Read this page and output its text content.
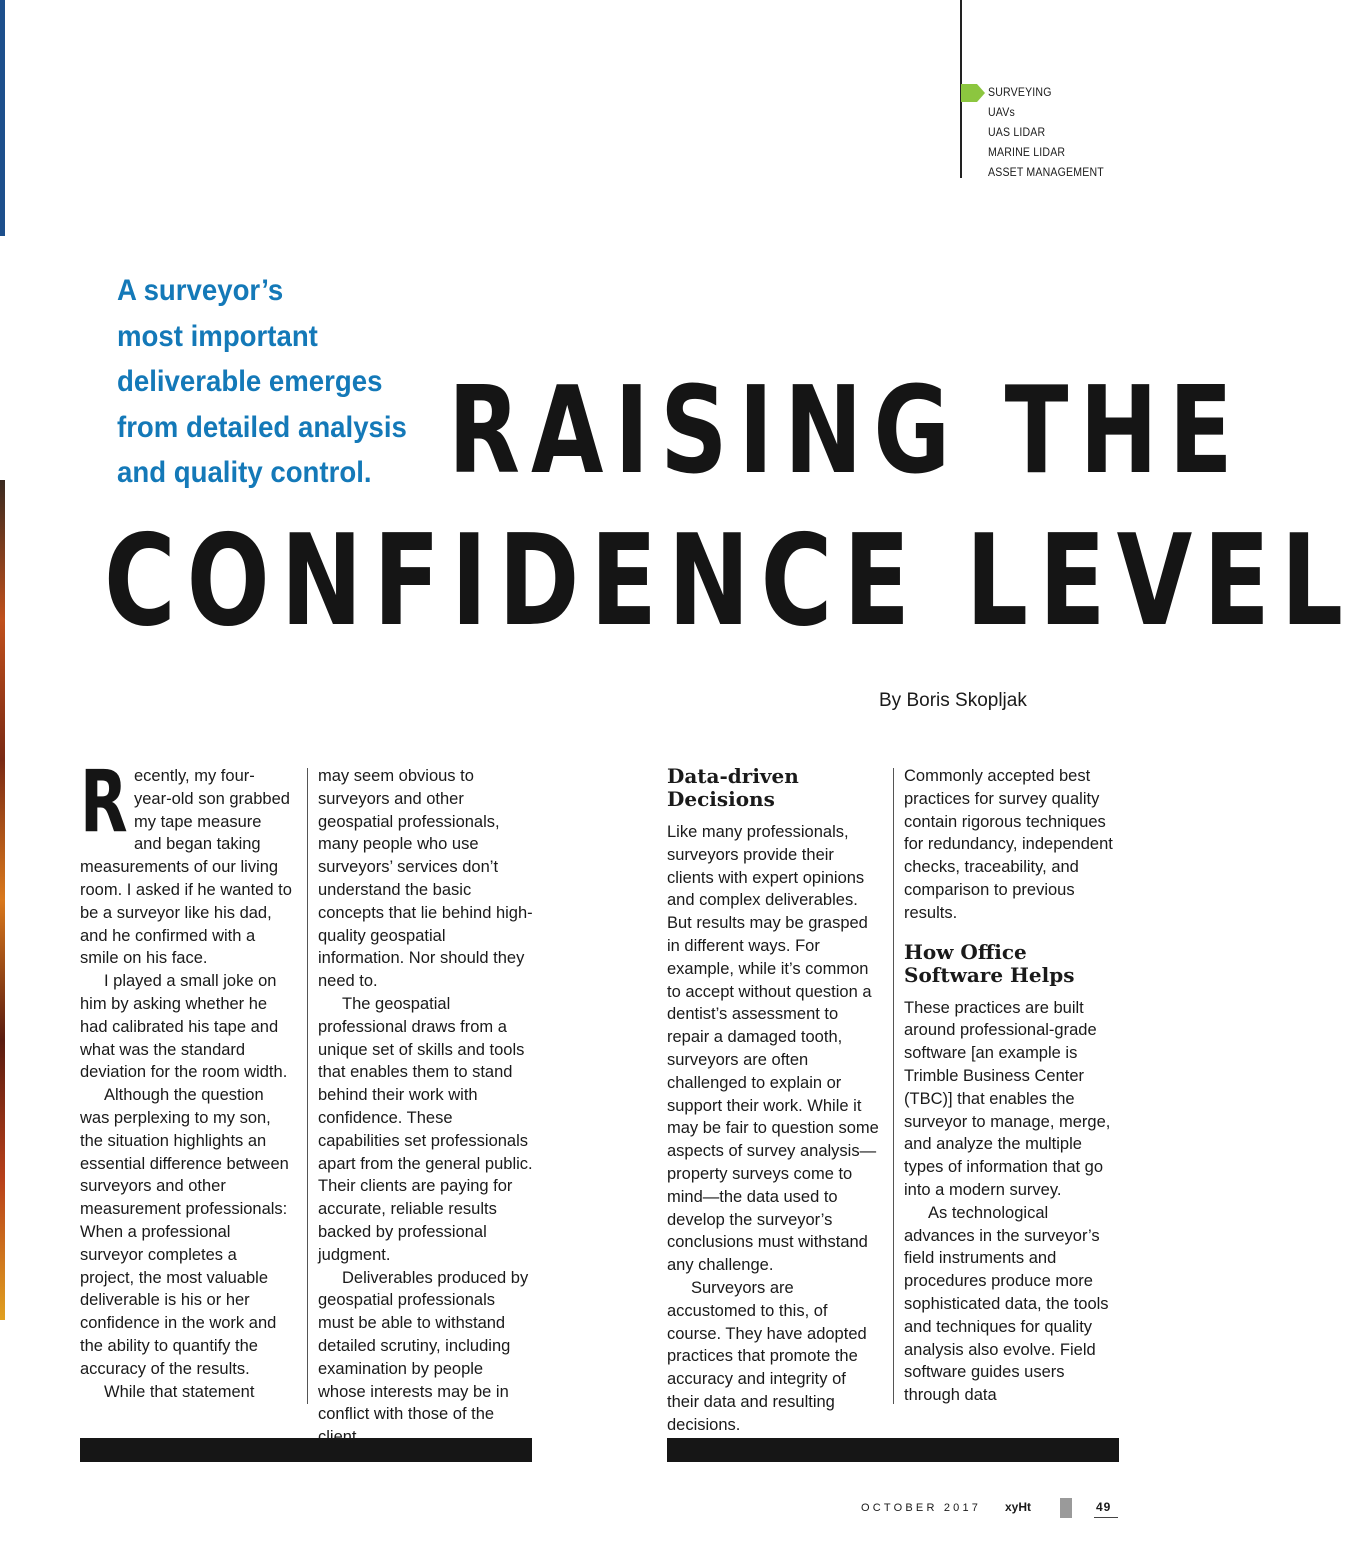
SURVEYING
UAVs
UAS LIDAR
MARINE LIDAR
ASSET MANAGEMENT
A surveyor’s
most important
deliverable emerges
from detailed analysis
and quality control. RAISING THE
CONFIDENCE LEVEL
By Boris Skopljak
R ecently, my four-year-old son grabbed my tape measure and began taking measurements of our living room. I asked if he wanted to be a surveyor like his dad, and he confirmed with a smile on his face.

I played a small joke on him by asking whether he had calibrated his tape and what was the standard deviation for the room width.

Although the question was perplexing to my son, the situation highlights an essential difference between surveyors and other measurement professionals: When a professional surveyor completes a project, the most valuable deliverable is his or her confidence in the work and the ability to quantify the accuracy of the results.

While that statement

may seem obvious to surveyors and other geospatial professionals, many people who use surveyors’ services don’t understand the basic concepts that lie behind high-quality geospatial information. Nor should they need to.

The geospatial professional draws from a unique set of skills and tools that enables them to stand behind their work with confidence. These capabilities set professionals apart from the general public. Their clients are paying for accurate, reliable results backed by professional judgment.

Deliverables produced by geospatial professionals must be able to withstand detailed scrutiny, including examination by people whose interests may be in conflict with those of the

Data-driven Decisions

Like many professionals, surveyors provide their clients with expert opinions and complex deliverables. But results may be grasped in different ways. For example, while it’s common to accept without question a dentist’s assessment to repair a damaged tooth, surveyors are often challenged to explain or support their work. While it may be fair to question some aspects of survey analysis—property surveys come to mind—the data used to develop the surveyor’s conclusions must withstand any challenge.

Surveyors are accustomed to this, of course. They have adopted practices that promote the accuracy and integrity of their data and resulting decisions.

Commonly accepted best practices for survey quality contain rigorous techniques for redundancy, independent checks, traceability, and comparison to previous results.

How Office Software Helps

These practices are built around professional-grade software [an example is Trimble Business Center (TBC)] that enables the surveyor to manage, merge, and analyze the multiple types of information that go into a modern survey.

As technological advances in the surveyor’s field instruments and procedures produce more sophisticated data, the tools and techniques for quality analysis also evolve. Field software guides users through data

OCTOBER 2017 xyHt	49
